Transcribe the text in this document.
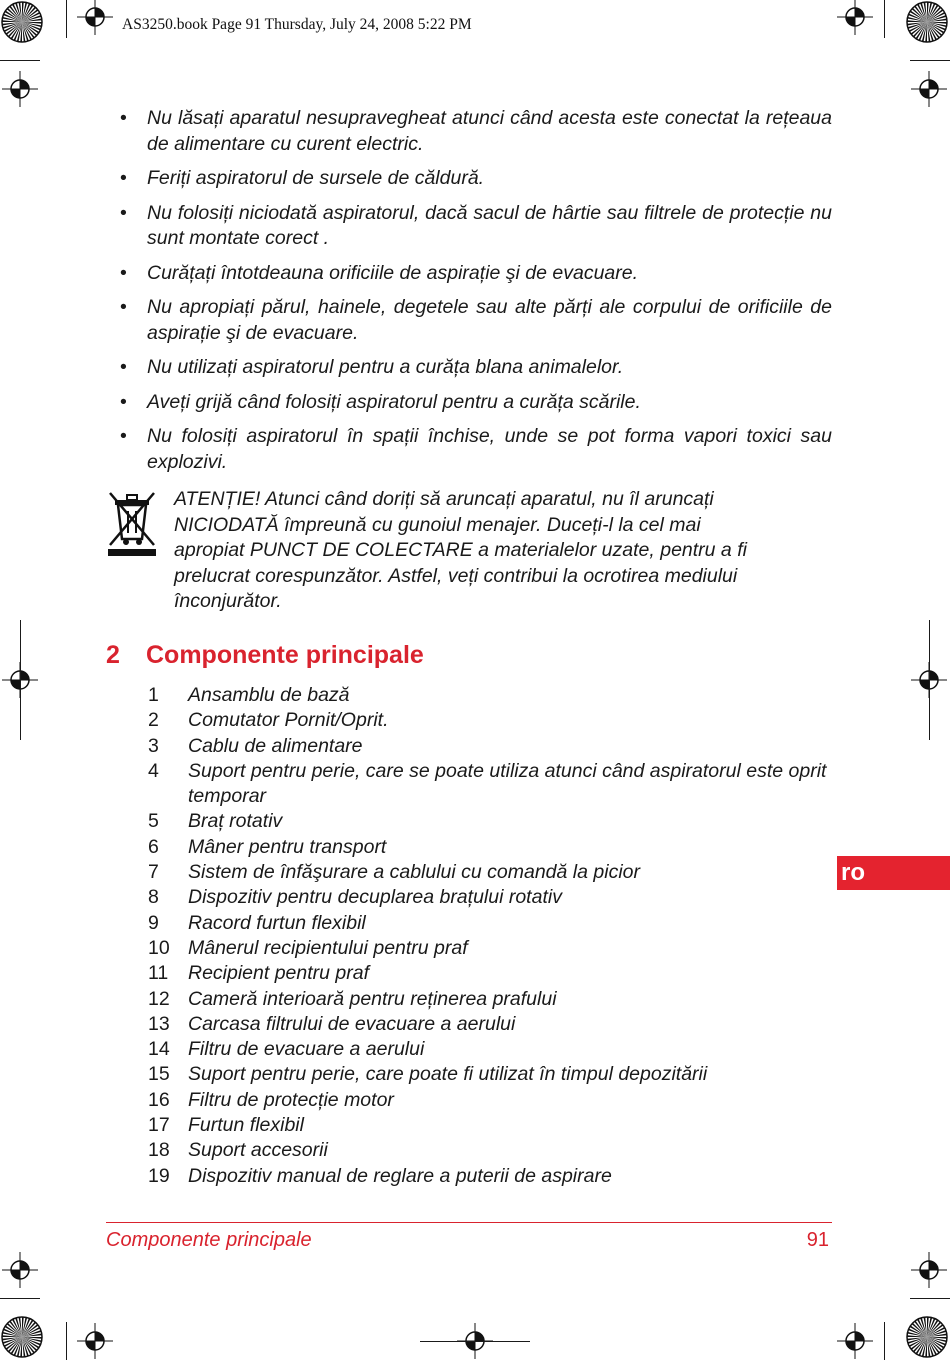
AS3250.book Page 91 Thursday, July 24, 2008 5:22 PM
• Nu lăsați aparatul nesupravegheat atunci când acesta este conectat la rețeaua de alimentare cu curent electric.
• Feriți aspiratorul de sursele de căldură.
• Nu folosiți niciodată aspiratorul, dacă sacul de hârtie sau filtrele de protecție nu sunt montate corect .
• Curățați întotdeauna orificiile de aspirație şi de evacuare.
• Nu apropiați părul, hainele, degetele sau alte părți ale corpului de orificiile de aspirație şi de evacuare.
• Nu utilizați aspiratorul pentru a curăța blana animalelor.
• Aveți grijă când folosiți aspiratorul pentru a curăța scările.
• Nu folosiți aspiratorul în spații închise, unde se pot forma vapori toxici sau explozivi.
ATENȚIE! Atunci când doriți să aruncați aparatul, nu îl aruncați
NICIODATĂ împreună cu gunoiul menajer. Duceți-l la cel mai
apropiat PUNCT DE COLECTARE a materialelor uzate, pentru a fi
prelucrat corespunzător. Astfel, veți contribui la ocrotirea mediului
înconjurător.
2 Componente principale
1	Ansamblu de bază
2	Comutator Pornit/Oprit.
3	Cablu de alimentare
4	Suport pentru perie, care se poate utiliza atunci când aspiratorul este oprit temporar
5	Braț rotativ
6	Mâner pentru transport
7	Sistem de înfăşurare a cablului cu comandă la picior
8	Dispozitiv pentru decuplarea brațului rotativ
9	Racord furtun flexibil
10 Mânerul recipientului pentru praf
11	Recipient pentru praf
12 Cameră interioară pentru reținerea prafului
13 Carcasa filtrului de evacuare a aerului
14 Filtru de evacuare a aerului
15 Suport pentru perie, care poate fi utilizat în timpul depozitării
16 Filtru de protecție motor
17 Furtun flexibil
18 Suport accesorii
19 Dispozitiv manual de reglare a puterii de aspirare
ro
Componente principale	91
